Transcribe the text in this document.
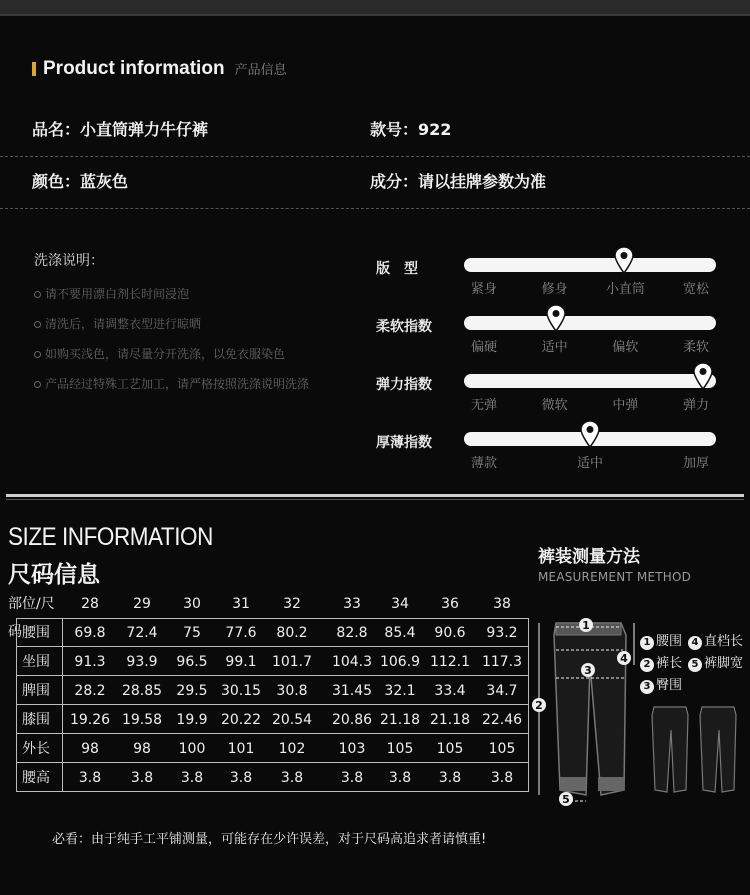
Product information 产品信息
品名：小直筒弹力牛仔裤	款号：922
颜色：蓝灰色	成分：请以挂牌参数为准
洗涤说明：
请不要用漂白剂长时间浸泡
清洗后，请调整衣型进行晾晒
如购买浅色，请尽量分开洗涤，以免衣服染色
产品经过特殊工艺加工，请严格按照洗涤说明洗涤
版　型
紧身	修身	小直筒	宽松
柔软指数
偏硬	适中	偏软	柔软
弹力指数
无弹	微软	中弹	弹力
厚薄指数
薄款	适中	加厚
SIZE INFORMATION
尺码信息
部位/尺码
28	29	30	31	32	33	34	36	38
腰围	69.8	72.4	75	77.6	80.2	82.8	85.4	90.6	93.2
坐围	91.3	93.9	96.5	99.1	101.7	104.3 106.9 112.1 117.3
脾围	28.2	28.85	29.5 30.15	30.8	31.45 32.1	33.4	34.7
膝围	19.26 19.58	19.9 20.22 20.54	20.86 21.18 21.18 22.46
外长	98	98	100	101	102	103	105	105	105
腰高	3.8	3.8	3.8	3.8	3.8	3.8	3.8	3.8	3.8
裤装测量方法
MEASUREMENT METHOD
1
2
3
4
5
1 腰围 4 直档长
2 裤长 5 裤脚宽
3 臀围
必看：由于纯手工平铺测量，可能存在少许误差，对于尺码高追求者请慎重!
